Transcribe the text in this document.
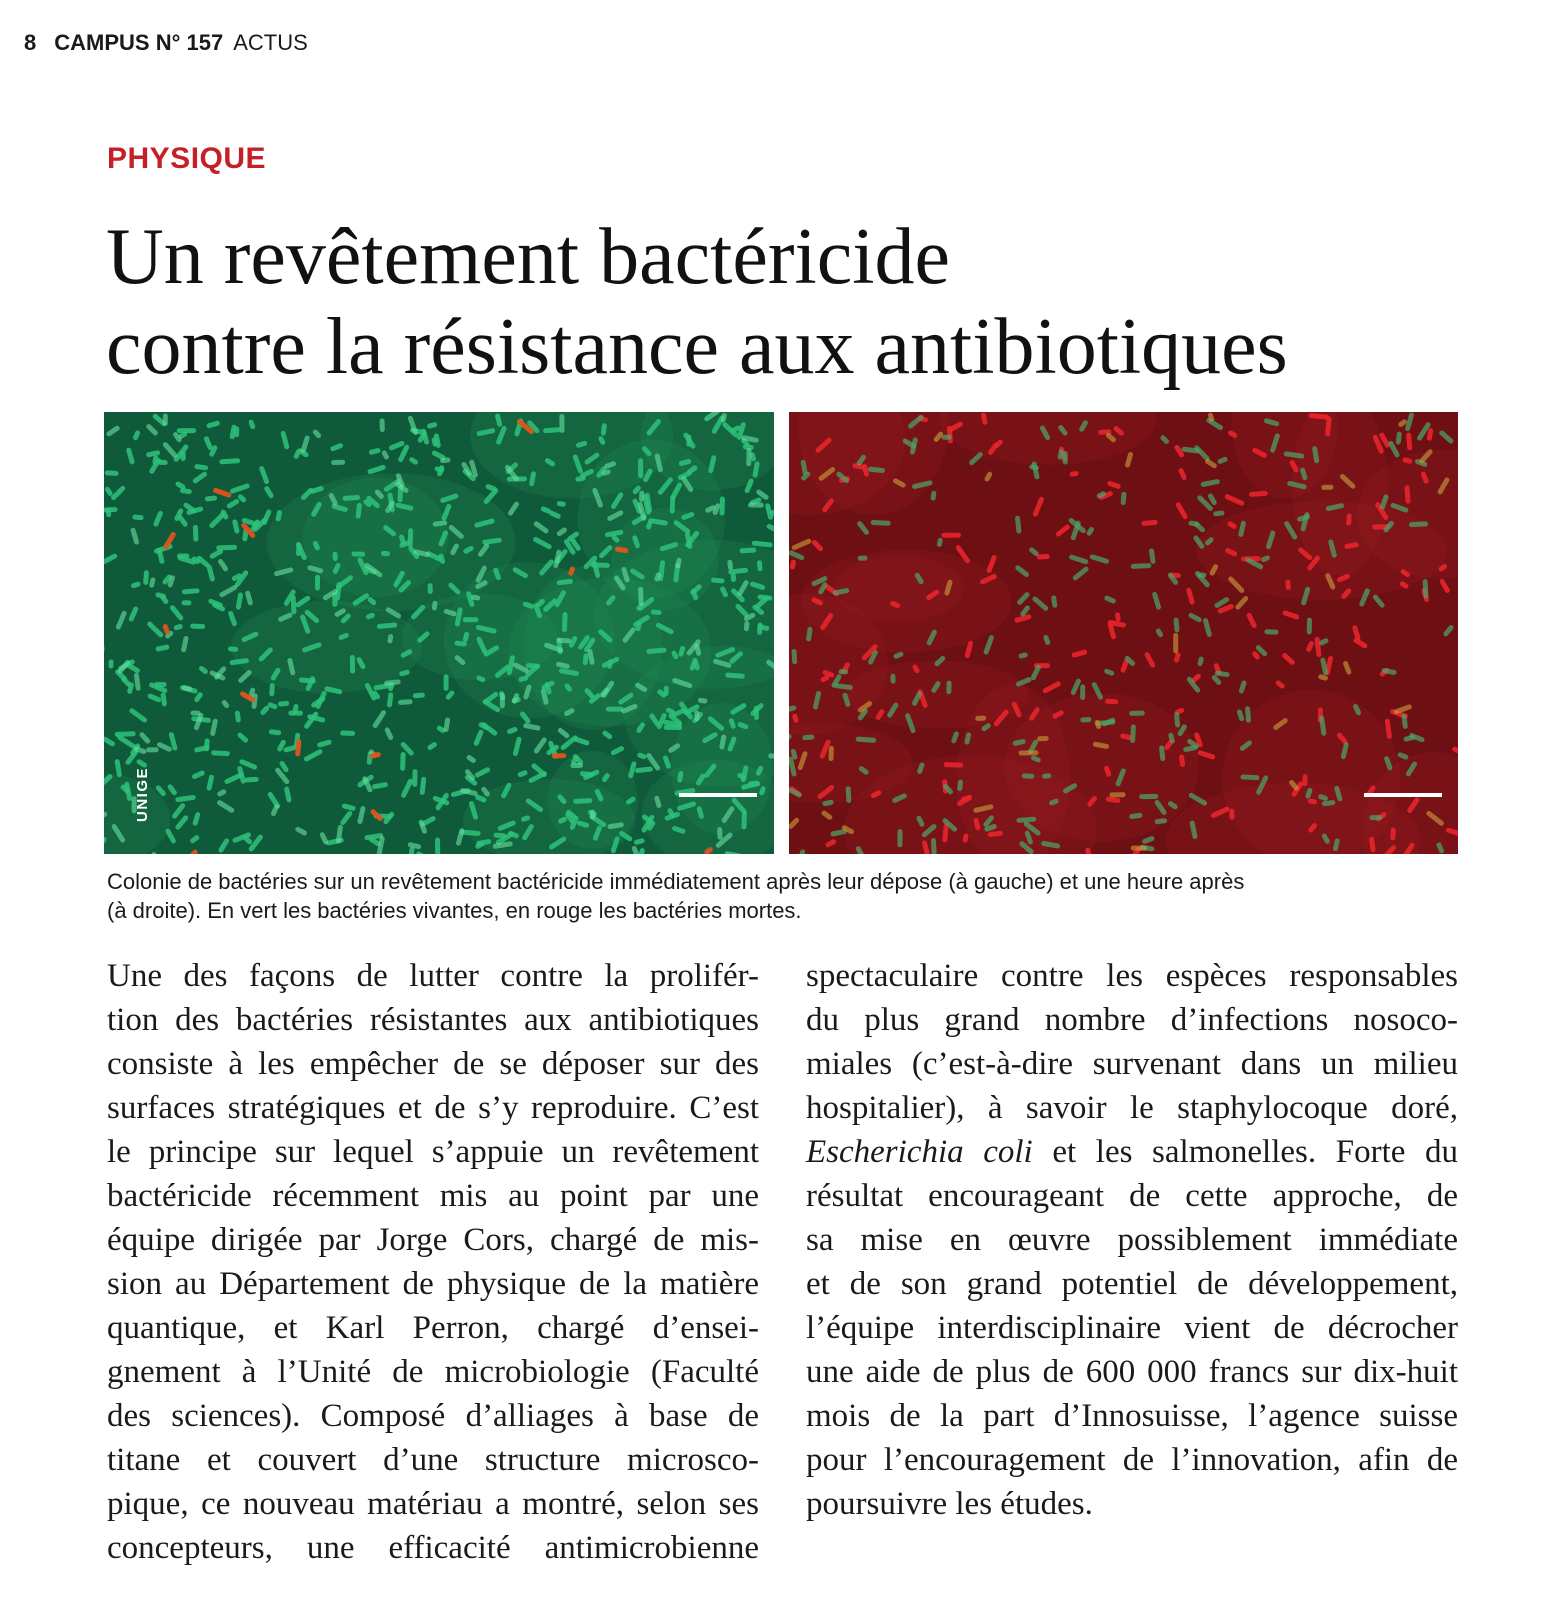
8 CAMPUS N° 157 ACTUS
PHYSIQUE
Un revêtement bactéricide
contre la résistance aux antibiotiques
UNIGE

Colonie de bactéries sur un revêtement bactéricide immédiatement après leur dépose (à gauche) et une heure après
(à droite). En vert les bactéries vivantes, en rouge les bactéries mortes.

Une des façons de lutter contre la prolifér-
tion des bactéries résistantes aux antibiotiques
consiste à les empêcher de se déposer sur des
surfaces stratégiques et de s’y reproduire. C’est
le principe sur lequel s’appuie un revêtement
bactéricide récemment mis au point par une
équipe dirigée par Jorge Cors, chargé de mis-
sion au Département de physique de la matière
quantique, et Karl Perron, chargé d’ensei-
gnement à l’Unité de microbiologie (Faculté
des sciences). Composé d’alliages à base de
titane et couvert d’une structure microsco-
pique, ce nouveau matériau a montré, selon ses
concepteurs, une efficacité antimicrobienne
spectaculaire contre les espèces responsables
du plus grand nombre d’infections nosoco-
miales (c’est-à-dire survenant dans un milieu
hospitalier), à savoir le staphylocoque doré,
Escherichia coli et les salmonelles. Forte du
résultat encourageant de cette approche, de
sa mise en œuvre possiblement immédiate
et de son grand potentiel de développement,
l’équipe interdisciplinaire vient de décrocher
une aide de plus de 600 000 francs sur dix-huit
mois de la part d’Innosuisse, l’agence suisse
pour l’encouragement de l’innovation, afin de
poursuivre les études.
